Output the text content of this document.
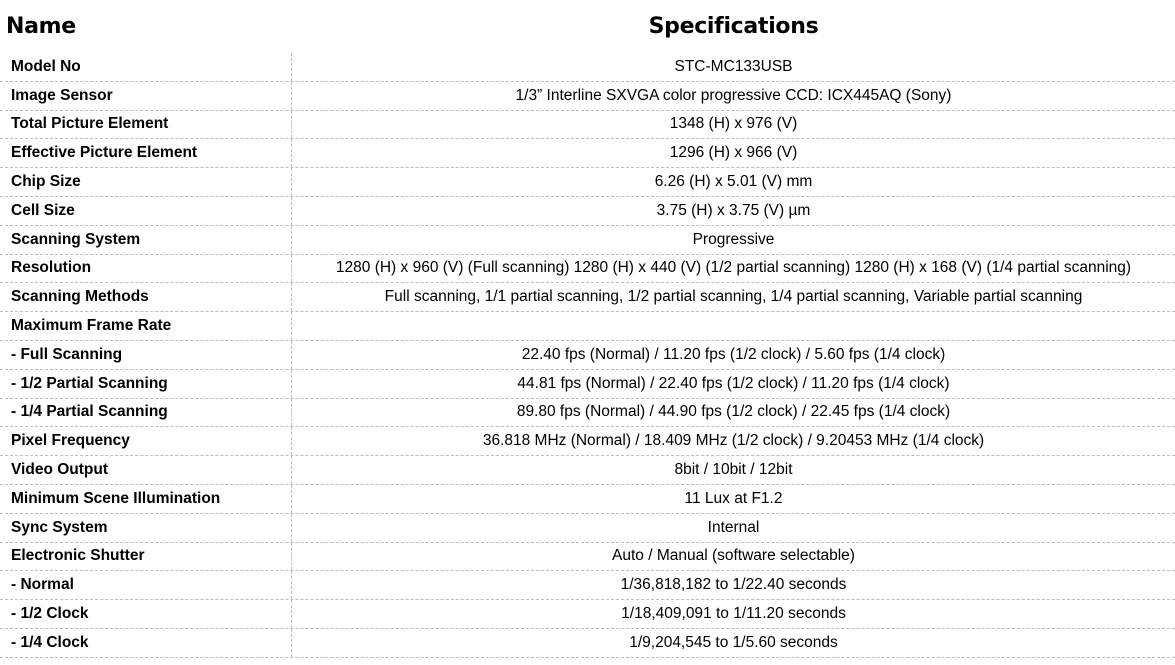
Name	Specifications
Model No	STC-MC133USB
Image Sensor	1/3” Interline SXVGA color progressive CCD: ICX445AQ (Sony)
Total Picture Element	1348 (H) x 976 (V)
Effective Picture Element	1296 (H) x 966 (V)
Chip Size	6.26 (H) x 5.01 (V) mm
Cell Size	3.75 (H) x 3.75 (V) µm
Scanning System	Progressive
Resolution	1280 (H) x 960 (V) (Full scanning) 1280 (H) x 440 (V) (1/2 partial scanning) 1280 (H) x 168 (V) (1/4 partial scanning)
Scanning Methods	Full scanning, 1/1 partial scanning, 1/2 partial scanning, 1/4 partial scanning, Variable partial scanning
Maximum Frame Rate
- Full Scanning	22.40 fps (Normal) / 11.20 fps (1/2 clock) / 5.60 fps (1/4 clock)
- 1/2 Partial Scanning	44.81 fps (Normal) / 22.40 fps (1/2 clock) / 11.20 fps (1/4 clock)
- 1/4 Partial Scanning	89.80 fps (Normal) / 44.90 fps (1/2 clock) / 22.45 fps (1/4 clock)
Pixel Frequency	36.818 MHz (Normal) / 18.409 MHz (1/2 clock) / 9.20453 MHz (1/4 clock)
Video Output	8bit / 10bit / 12bit
Minimum Scene Illumination	11 Lux at F1.2
Sync System	Internal
Electronic Shutter	Auto / Manual (software selectable)
- Normal	1/36,818,182 to 1/22.40 seconds
- 1/2 Clock	1/18,409,091 to 1/11.20 seconds
- 1/4 Clock	1/9,204,545 to 1/5.60 seconds
